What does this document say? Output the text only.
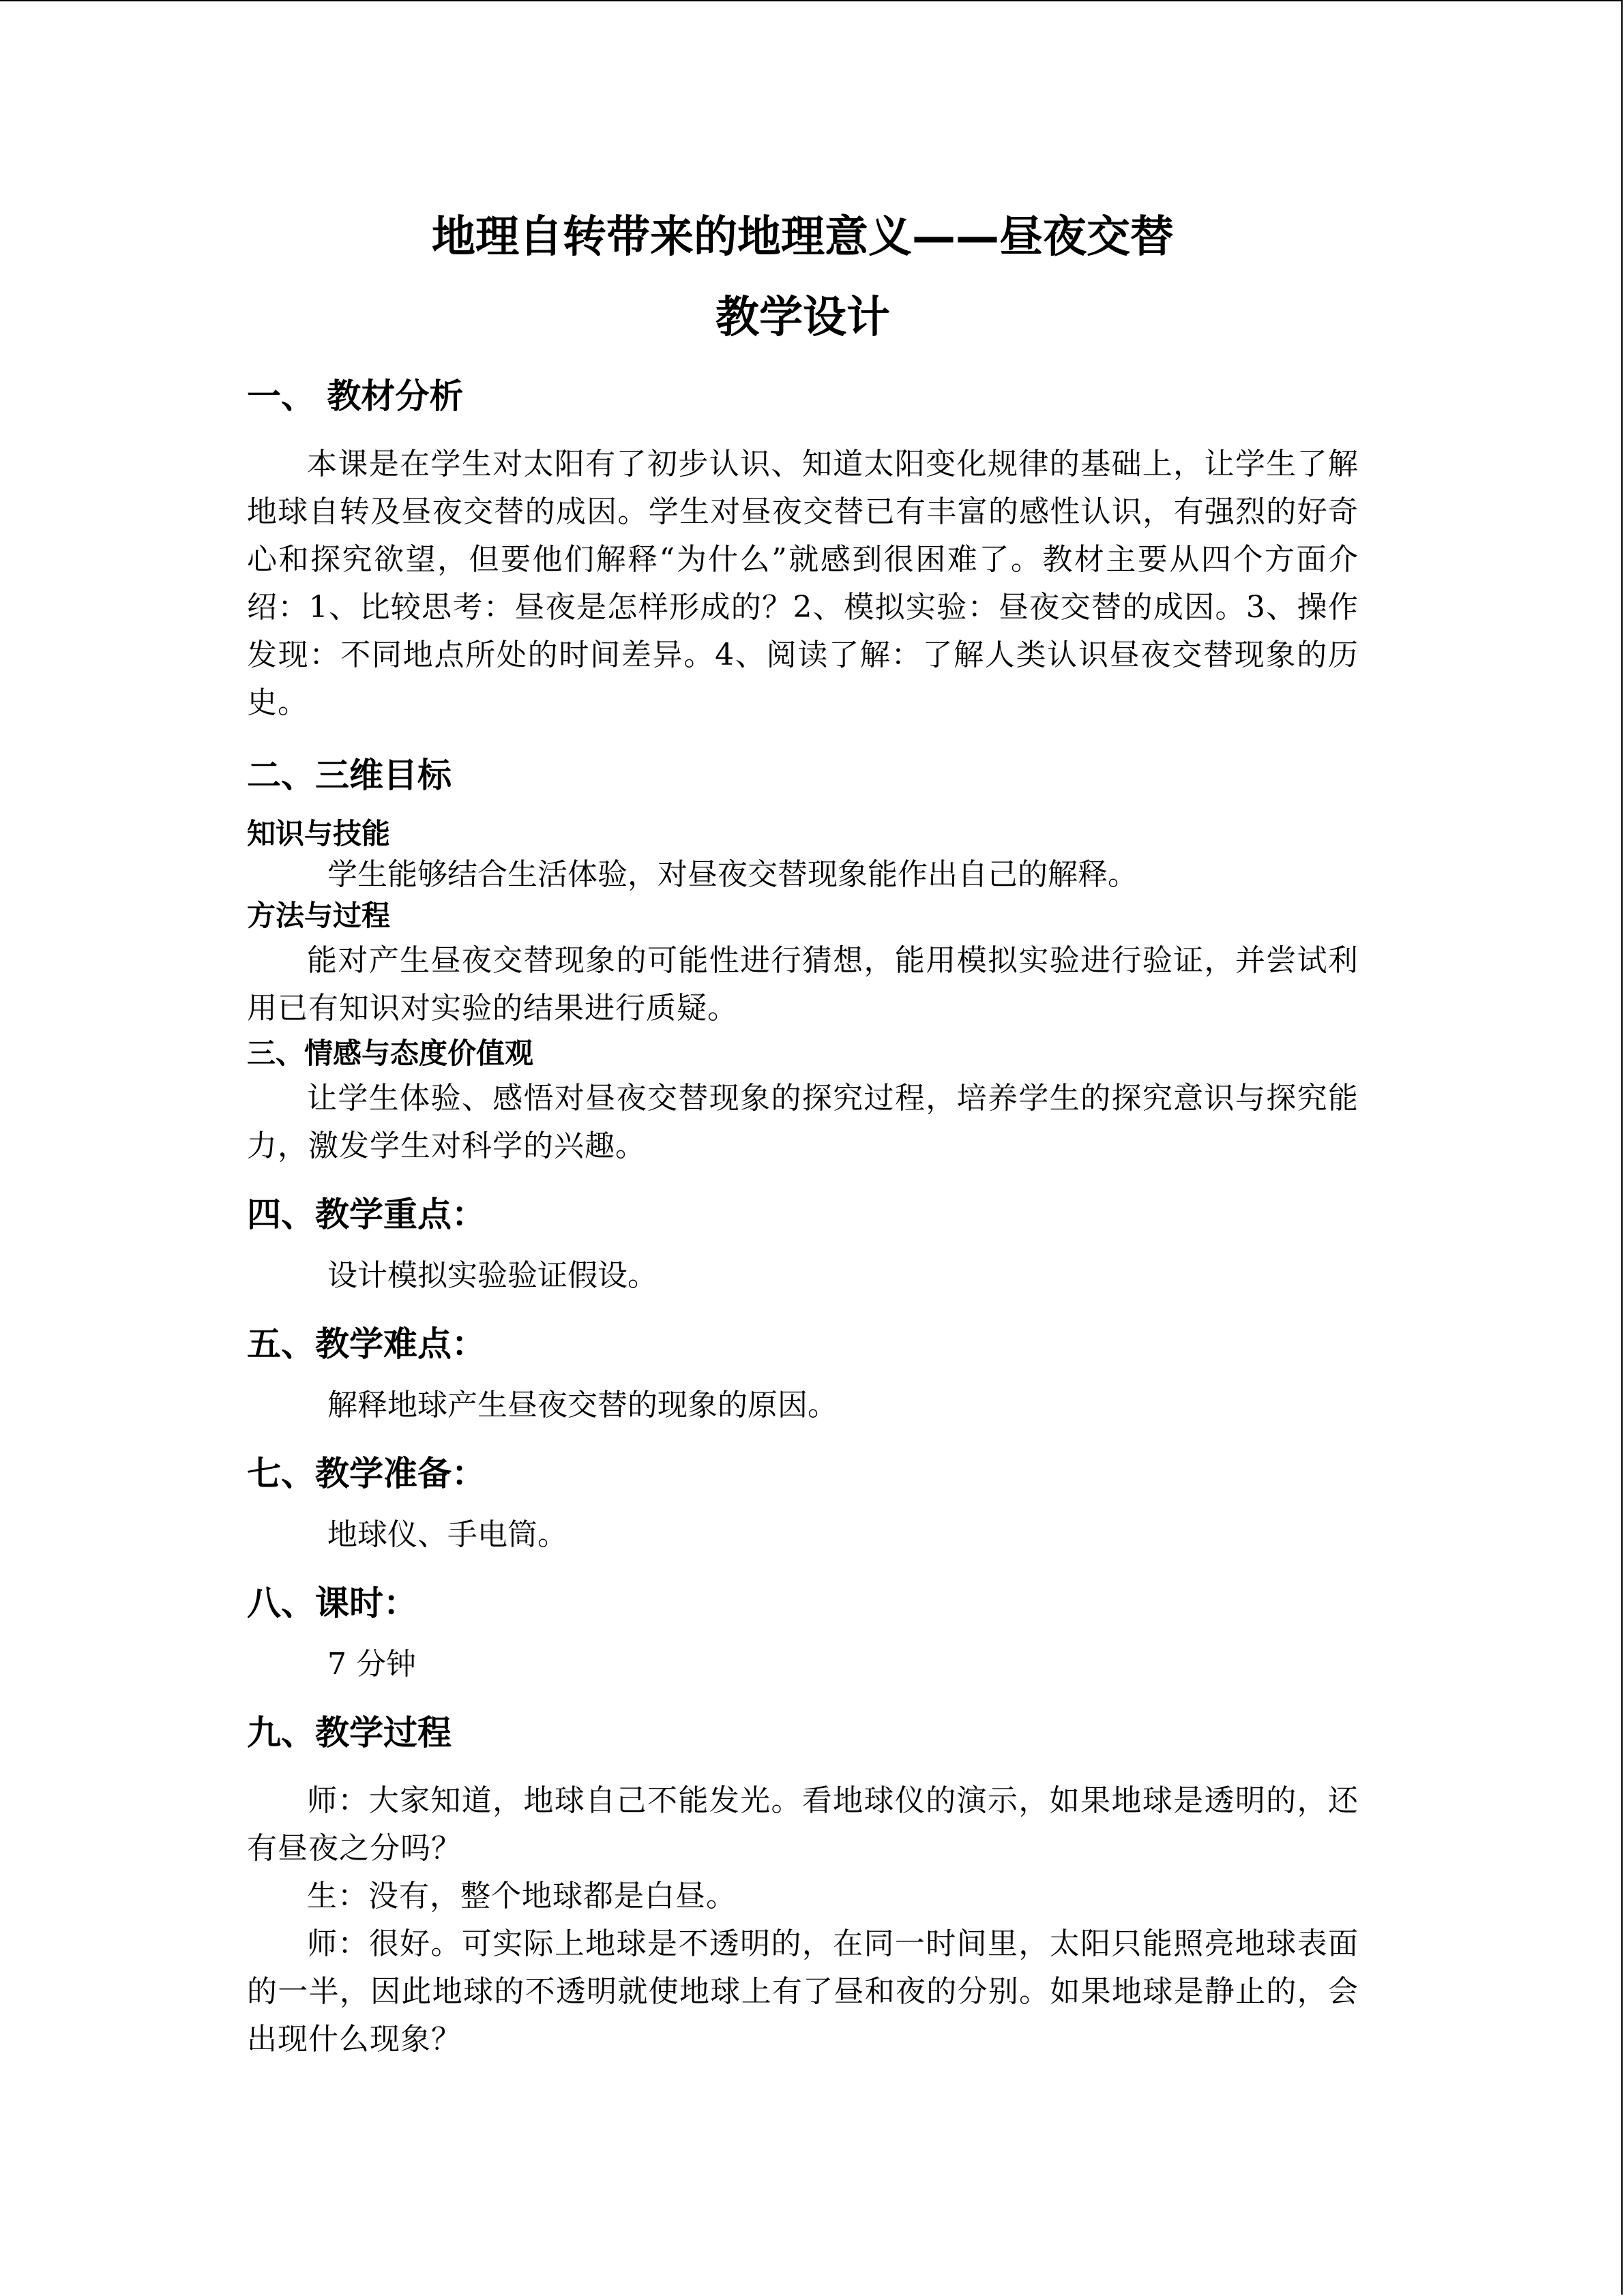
地理自转带来的地理意义——昼夜交替
教学设计
一、 教材分析

本课是在学生对太阳有了初步认识、知道太阳变化规律的基础上，让学生了解地球自转及昼夜交替的成因。学生对昼夜交替已有丰富的感性认识，有强烈的好奇心和探究欲望，但要他们解释“为什么”就感到很困难了。教材主要从四个方面介绍：1、比较思考：昼夜是怎样形成的？2、模拟实验：昼夜交替的成因。3、操作发现：不同地点所处的时间差异。4、阅读了解：了解人类认识昼夜交替现象的历史。

二、三维目标
知识与技能

学生能够结合生活体验，对昼夜交替现象能作出自己的解释。

方法与过程

能对产生昼夜交替现象的可能性进行猜想，能用模拟实验进行验证，并尝试利用已有知识对实验的结果进行质疑。

三、情感与态度价值观

让学生体验、感悟对昼夜交替现象的探究过程，培养学生的探究意识与探究能力，激发学生对科学的兴趣。

四、教学重点：

设计模拟实验验证假设。

五、教学难点：

解释地球产生昼夜交替的现象的原因。

七、教学准备：

地球仪、手电筒。

八、课时：

7 分钟

九、教学过程

师：大家知道，地球自己不能发光。看地球仪的演示，如果地球是透明的，还有昼夜之分吗？

生：没有，整个地球都是白昼。

师：很好。可实际上地球是不透明的，在同一时间里，太阳只能照亮地球表面的一半，因此地球的不透明就使地球上有了昼和夜的分别。如果地球是静止的，会出现什么现象？
